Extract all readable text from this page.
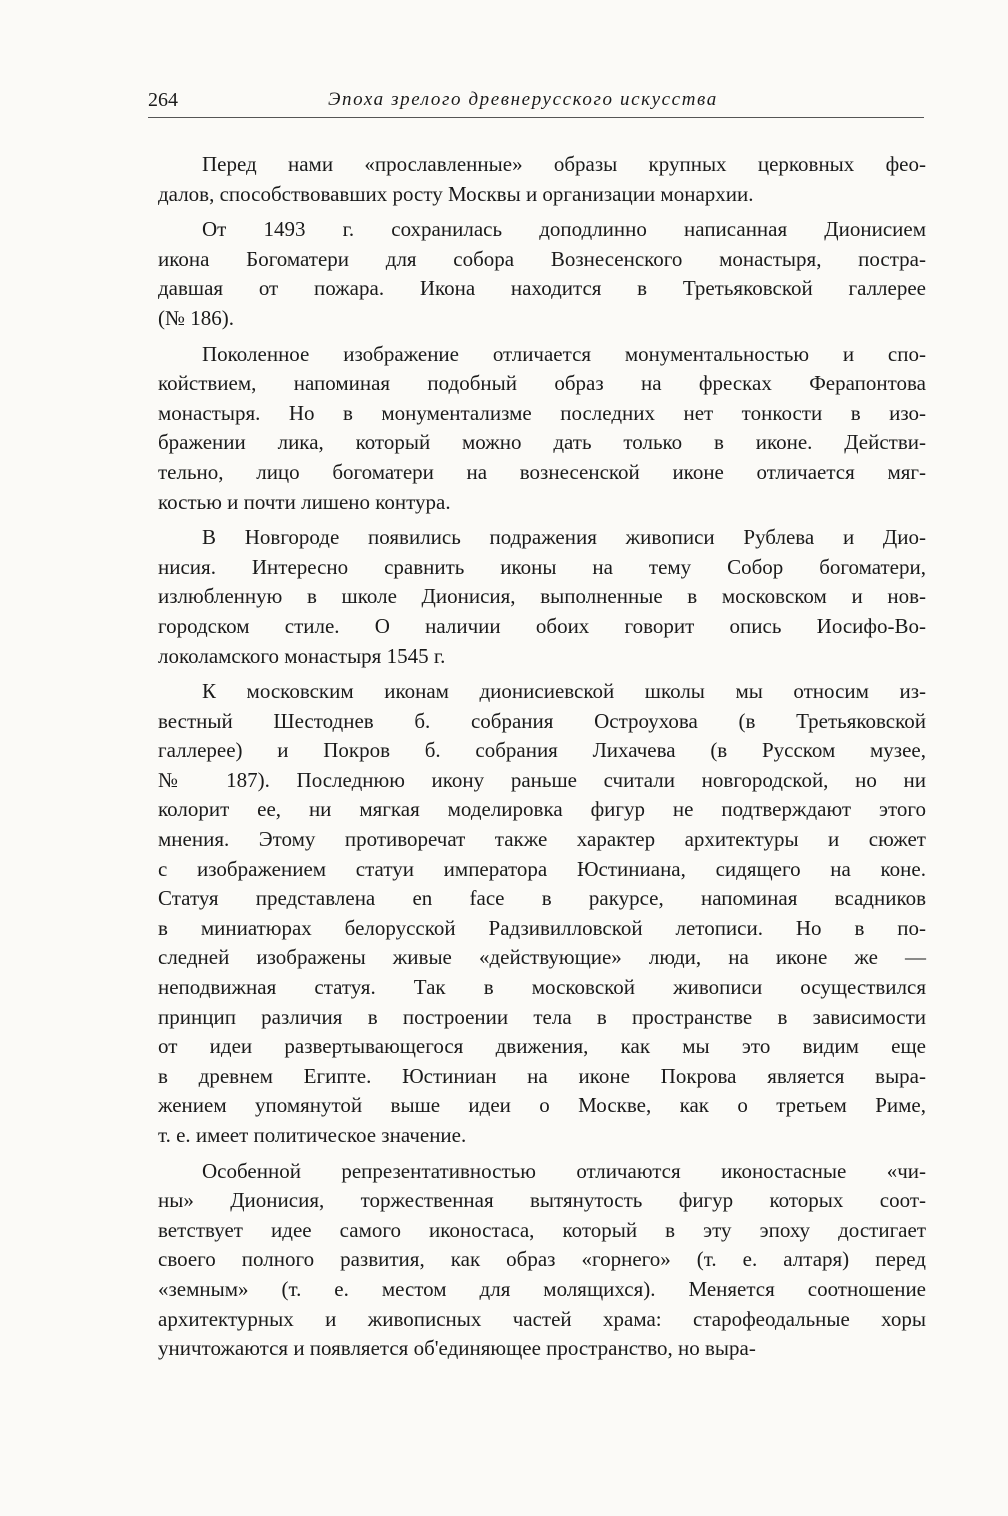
264	Эпоха зрелого древнерусского искусства
Перед нами «прославленные» образы крупных церковных фео-
далов, способствовавших росту Москвы и организации монархии.
От 1493 г. сохранилась доподлинно написанная Дионисием
икона Богоматери для собора Вознесенского монастыря, постра-
давшая от пожара. Икона находится в Третьяковской галлерее
(№ 186).
Поколенное изображение отличается монументальностью и спо-
койствием, напоминая подобный образ на фресках Ферапонтова
монастыря. Но в монументализме последних нет тонкости в изо-
бражении лика, который можно дать только в иконе. Действи-
тельно, лицо богоматери на вознесенской иконе отличается мяг-
костью и почти лишено контура.
В Новгороде появились подражения живописи Рублева и Дио-
нисия. Интересно сравнить иконы на тему Собор богоматери,
излюбленную в школе Дионисия, выполненные в московском и нов-
городском стиле. О наличии обоих говорит опись Иосифо-Во-
локоламского монастыря 1545 г.
К московским иконам дионисиевской школы мы относим из-
вестный Шестоднев б. собрания Остроухова (в Третьяковской
галлерее) и Покров б. собрания Лихачева (в Русском музее,
№ 187). Последнюю икону раньше считали новгородской, но ни
колорит ее, ни мягкая моделировка фигур не подтверждают этого
мнения. Этому противоречат также характер архитектуры и сюжет
с изображением статуи императора Юстиниана, сидящего на коне.
Статуя представлена en face в ракурсе, напоминая всадников
в миниатюрах белорусской Радзивилловской летописи. Но в по-
следней изображены живые «действующие» люди, на иконе же —
неподвижная статуя. Так в московской живописи осуществился
принцип различия в построении тела в пространстве в зависимости
от идеи развертывающегося движения, как мы это видим еще
в древнем Египте. Юстиниан на иконе Покрова является выра-
жением упомянутой выше идеи о Москве, как о третьем Риме,
т. е. имеет политическое значение.
Особенной репрезентативностью отличаются иконостасные «чи-
ны» Дионисия, торжественная вытянутость фигур которых соот-
ветствует идее самого иконостаса, который в эту эпоху достигает
своего полного развития, как образ «горнего» (т. е. алтаря) перед
«земным» (т. е. местом для молящихся). Меняется соотношение
архитектурных и живописных частей храма: старофеодальные хоры
уничтожаются и появляется об'единяющее пространство, но выра-
